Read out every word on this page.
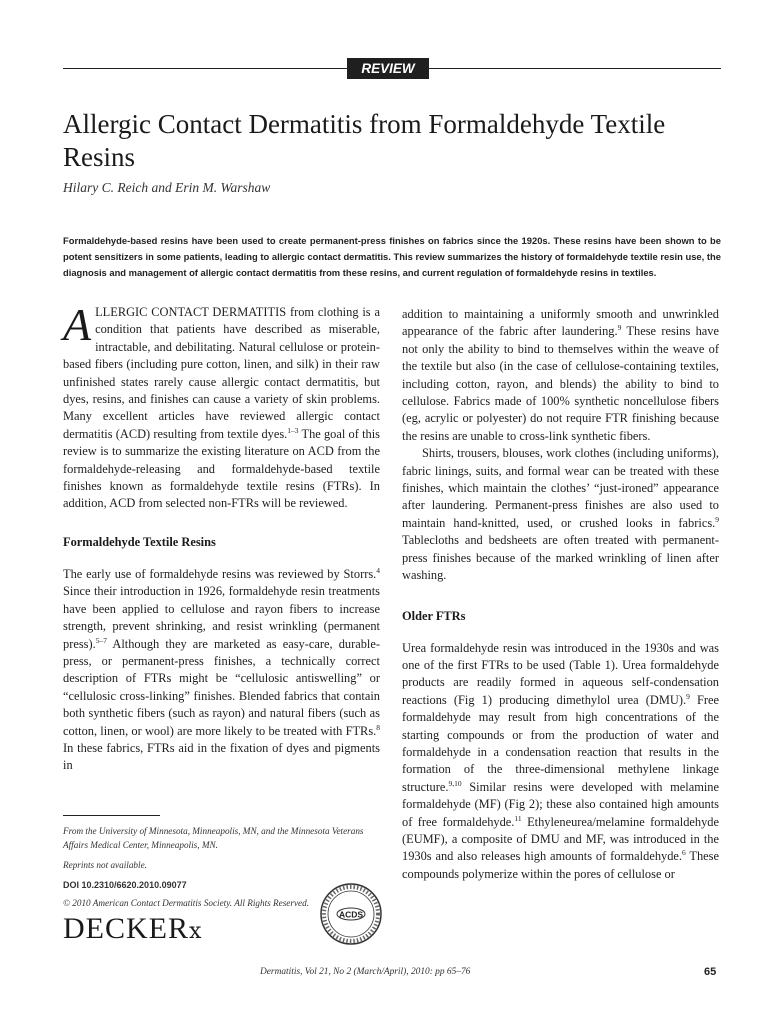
REVIEW
Allergic Contact Dermatitis from Formaldehyde Textile Resins

Hilary C. Reich and Erin M. Warshaw

Formaldehyde-based resins have been used to create permanent-press finishes on fabrics since the 1920s. These resins have been shown to be potent sensitizers in some patients, leading to allergic contact dermatitis. This review summarizes the history of formaldehyde textile resin use, the diagnosis and management of allergic contact dermatitis from these resins, and current regulation of formaldehyde resins in textiles.

ALLERGIC CONTACT DERMATITIS from clothing is a condition that patients have described as miserable, intractable, and debilitating. Natural cellulose or protein-based fibers (including pure cotton, linen, and silk) in their raw unfinished states rarely cause allergic contact dermatitis, but dyes, resins, and finishes can cause a variety of skin problems. Many excellent articles have reviewed allergic contact dermatitis (ACD) resulting from textile dyes.$^{1-3}$ The goal of this review is to summarize the existing literature on ACD from the formaldehyde-releasing and formaldehyde-based textile finishes known as formaldehyde textile resins (FTRs). In addition, ACD from selected non-FTRs will be reviewed.

Formaldehyde Textile Resins

The early use of formaldehyde resins was reviewed by Storrs.$^4$ Since their introduction in 1926, formaldehyde resin treatments have been applied to cellulose and rayon fibers to increase strength, prevent shrinking, and resist wrinkling (permanent press).$^{5-7}$ Although they are marketed as easy-care, durable-press, or permanent-press finishes, a technically correct description of FTRs might be “cellulosic antiswelling” or “cellulosic cross-linking” finishes. Blended fabrics that contain both synthetic fibers (such as rayon) and natural fibers (such as cotton, linen, or wool) are more likely to be treated with FTRs.$^8$ In these fabrics, FTRs aid in the fixation of dyes and pigments in

addition to maintaining a uniformly smooth and unwrinkled appearance of the fabric after laundering.$^9$ These resins have not only the ability to bind to themselves within the weave of the textile but also (in the case of cellulose-containing textiles, including cotton, rayon, and blends) the ability to bind to cellulose. Fabrics made of 100% synthetic noncellulose fibers (eg, acrylic or polyester) do not require FTR finishing because the resins are unable to cross-link synthetic fibers.

Shirts, trousers, blouses, work clothes (including uniforms), fabric linings, suits, and formal wear can be treated with these finishes, which maintain the clothes’ “just-ironed” appearance after laundering. Permanent-press finishes are also used to maintain hand-knitted, used, or crushed looks in fabrics.$^9$ Tablecloths and bedsheets are often treated with permanent-press finishes because of the marked wrinkling of linen after washing.

Older FTRs

Urea formaldehyde resin was introduced in the 1930s and was one of the first FTRs to be used (Table 1). Urea formaldehyde products are readily formed in aqueous self-condensation reactions (Fig 1) producing dimethylol urea (DMU).$^9$ Free formaldehyde may result from high concentrations of the starting compounds or from the production of water and formaldehyde in a condensation reaction that results in the formation of the three-dimensional methylene linkage structure.$^{9,10}$ Similar resins were developed with melamine formaldehyde (MF) (Fig 2); these also contained high amounts of free formaldehyde.$^{11}$ Ethyleneurea/melamine formaldehyde (EUMF), a composite of DMU and MF, was introduced in the 1930s and also releases high amounts of formaldehyde.$^6$ These compounds polymerize within the pores of cellulose or

From the University of Minnesota, Minneapolis, MN, and the Minnesota Veterans Affairs Medical Center, Minneapolis, MN.

Reprints not available.

DOI 10.2310/6620.2010.09077

© 2010 American Contact Dermatitis Society. All Rights Reserved.

DECKERⅹ
ACDS

Dermatitis, Vol 21, No 2 (March/April), 2010: pp 65–76	65
